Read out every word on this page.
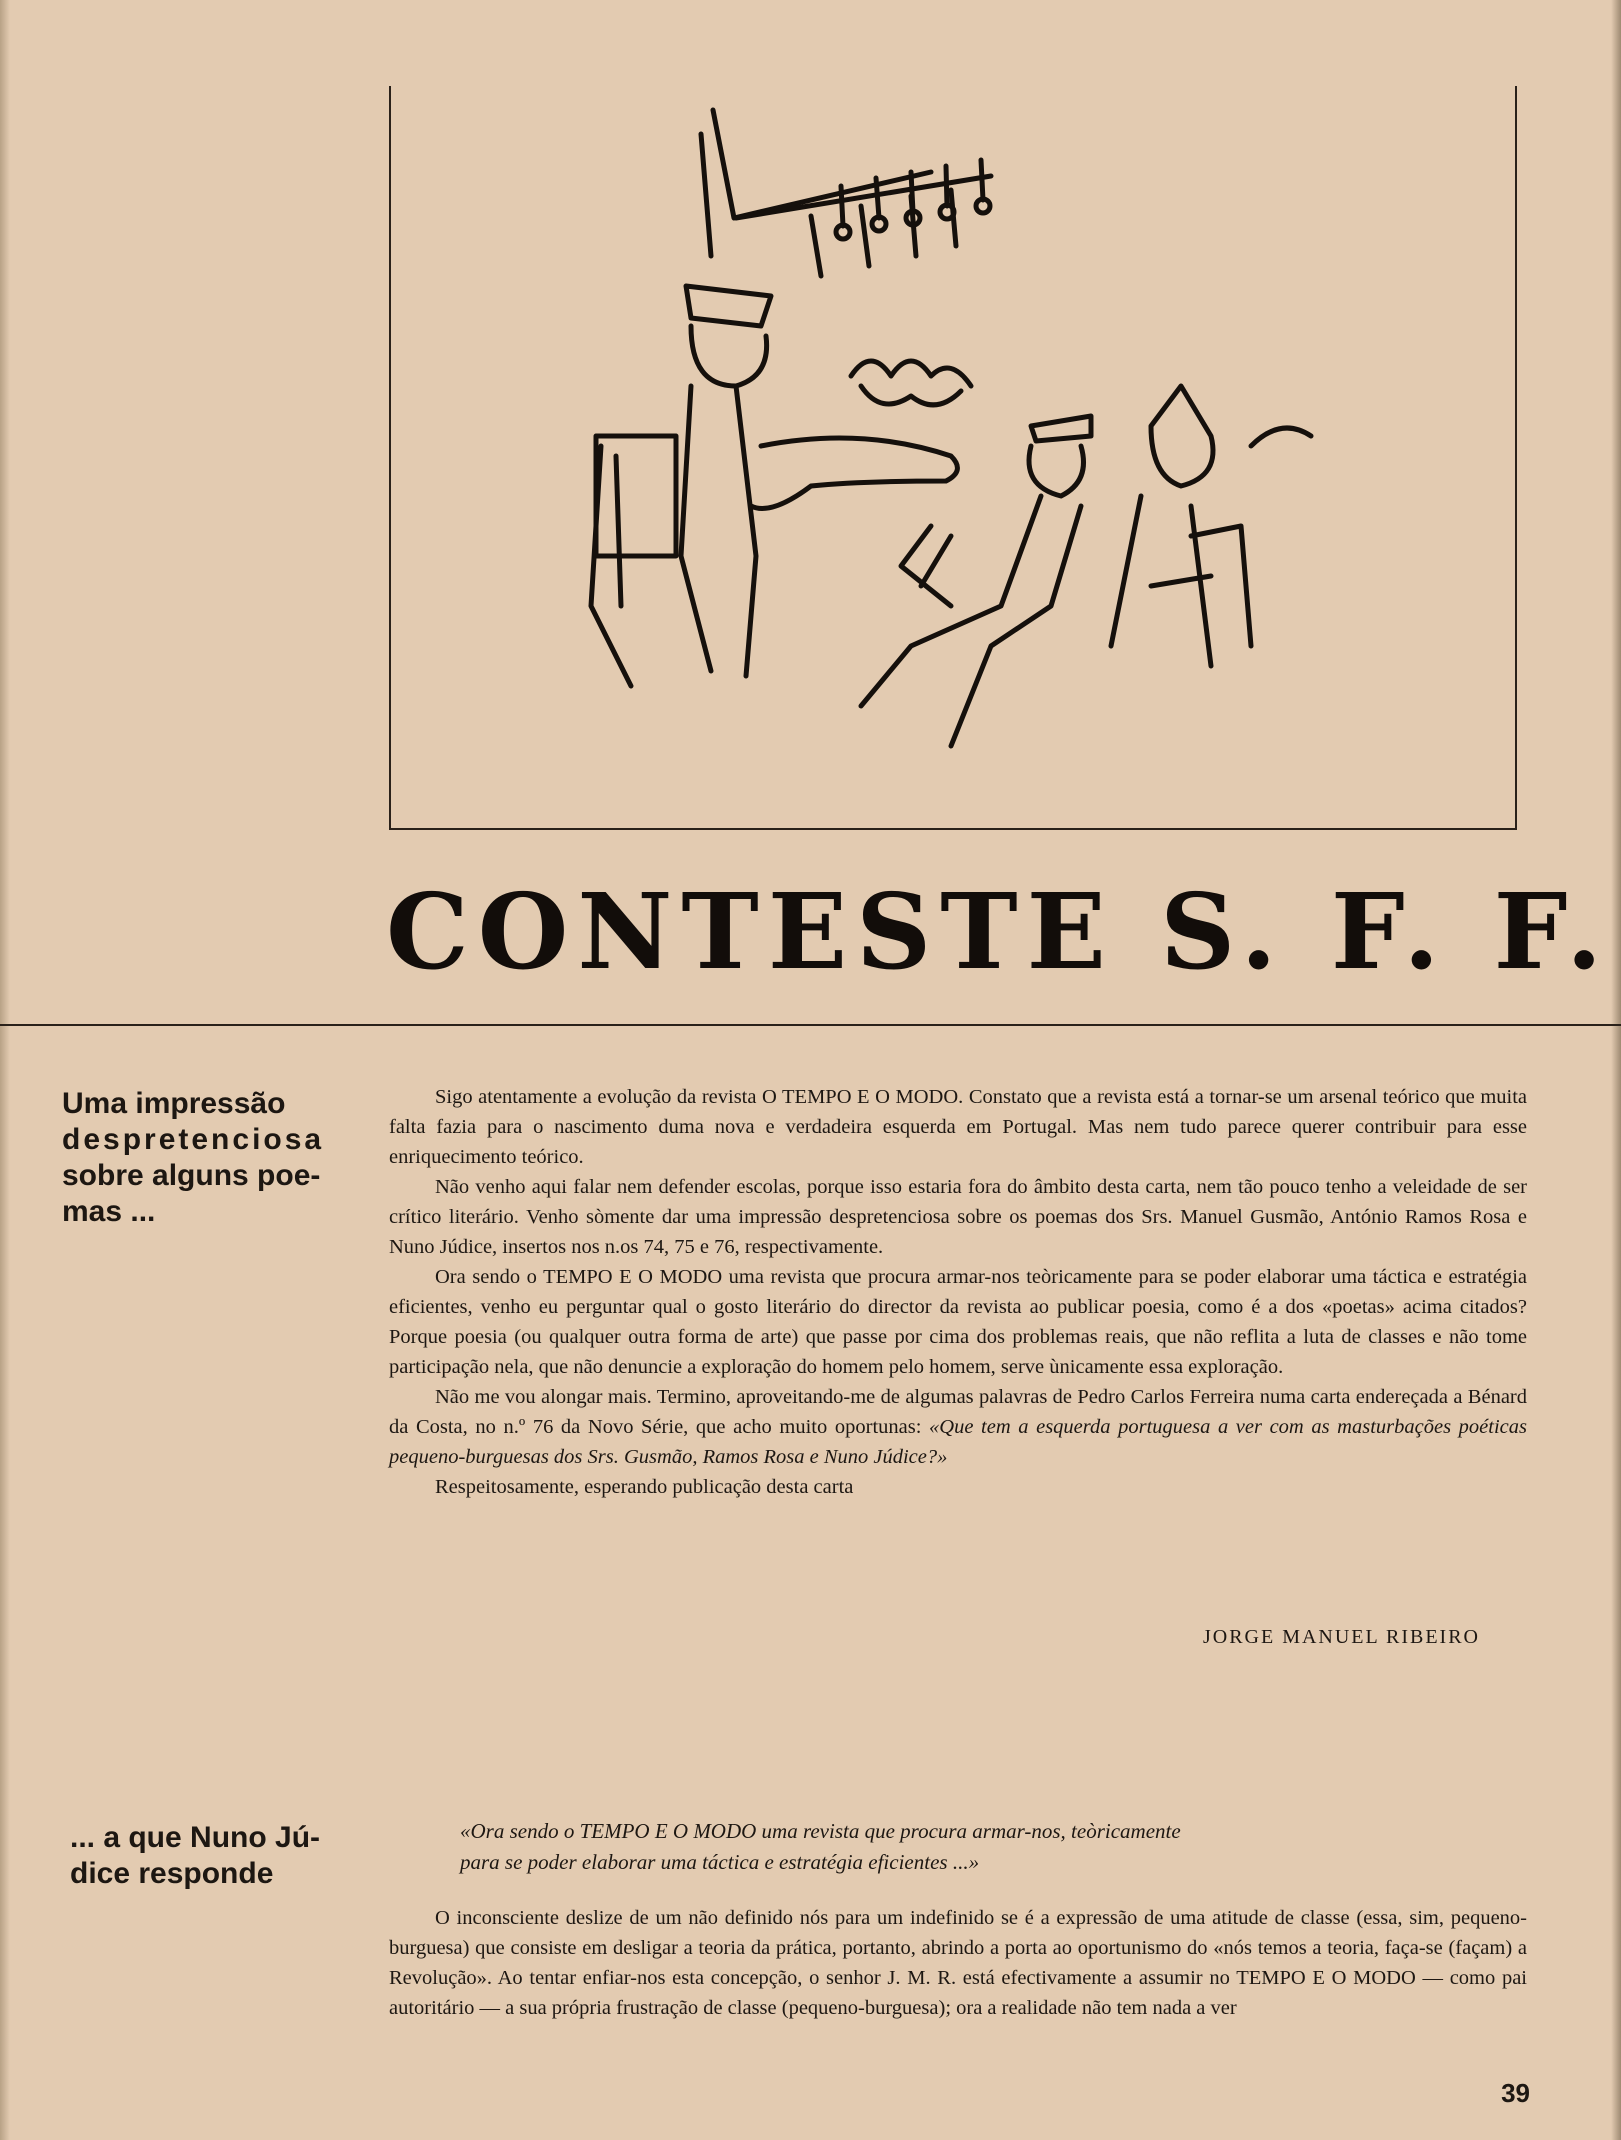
CONTESTE S. F. F.
Uma impressão
despretenciosa
sobre alguns poe-
mas ...

Sigo atentamente a evolução da revista O TEMPO E O MODO. Constato que a revista está a tornar-se um arsenal teórico que muita falta fazia para o nascimento duma nova e verdadeira esquerda em Portugal. Mas nem tudo parece querer contribuir para esse enriquecimento teórico.

Não venho aqui falar nem defender escolas, porque isso estaria fora do âmbito desta carta, nem tão pouco tenho a veleidade de ser crítico literário. Venho sòmente dar uma impressão despretenciosa sobre os poemas dos Srs. Manuel Gusmão, António Ramos Rosa e Nuno Júdice, insertos nos n.os 74, 75 e 76, respectivamente.

Ora sendo o TEMPO E O MODO uma revista que procura armar-nos teòricamente para se poder elaborar uma táctica e estratégia eficientes, venho eu perguntar qual o gosto literário do director da revista ao publicar poesia, como é a dos «poetas» acima citados? Porque poesia (ou qualquer outra forma de arte) que passe por cima dos problemas reais, que não reflita a luta de classes e não tome participação nela, que não denuncie a exploração do homem pelo homem, serve ùnicamente essa exploração.

Não me vou alongar mais. Termino, aproveitando-me de algumas palavras de Pedro Carlos Ferreira numa carta endereçada a Bénard da Costa, no n.º 76 da Novo Série, que acho muito oportunas: «Que tem a esquerda portuguesa a ver com as masturbações poéticas pequeno-burguesas dos Srs. Gusmão, Ramos Rosa e Nuno Júdice?»

Respeitosamente, esperando publicação desta carta

JORGE MANUEL RIBEIRO
... a que Nuno Jú-
dice responde
«Ora sendo o TEMPO E O MODO uma revista que procura armar-nos, teòricamente
para se poder elaborar uma táctica e estratégia eficientes ...»

O inconsciente deslize de um não definido nós para um indefinido se é a expressão de uma atitude de classe (essa, sim, pequeno-burguesa) que consiste em desligar a teoria da prática, portanto, abrindo a porta ao oportunismo do «nós temos a teoria, faça-se (façam) a Revolução». Ao tentar enfiar-nos esta concepção, o senhor J. M. R. está efectivamente a assumir no TEMPO E O MODO — como pai autoritário — a sua própria frustração de classe (pequeno-burguesa); ora a realidade não tem nada a ver

39
